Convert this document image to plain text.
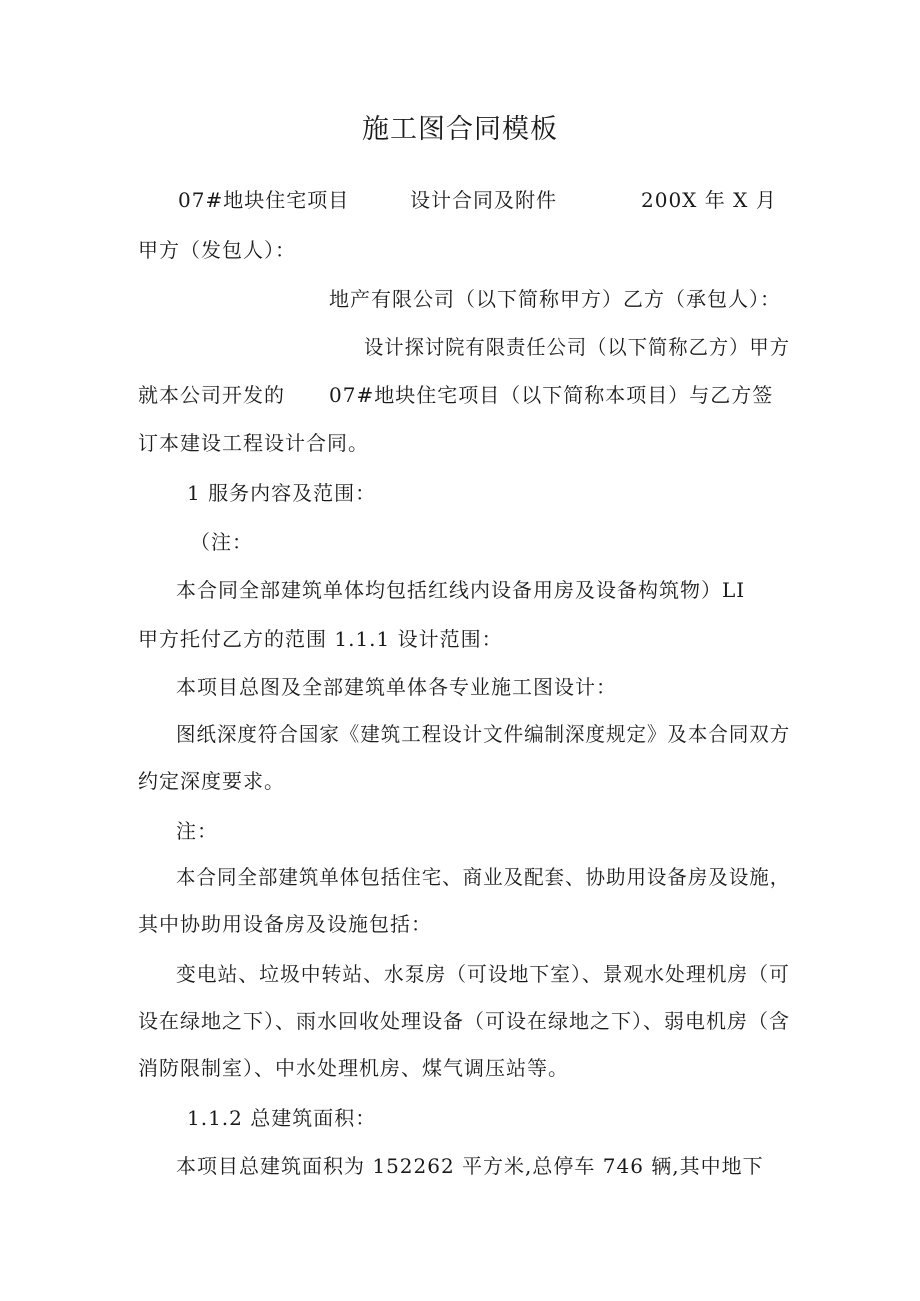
施工图合同模板
07#地块住宅项目	设计合同及附件	200X 年 X 月
甲方（发包人）：
地产有限公司（以下简称甲方）乙方（承包人）：
设计探讨院有限责任公司（以下简称乙方）甲方
就本公司开发的 07#地块住宅项目（以下简称本项目）与乙方签
订本建设工程设计合同。
1 服务内容及范围：
（注：
本合同全部建筑单体均包括红线内设备用房及设备构筑物）LI
甲方托付乙方的范围 1.1.1 设计范围：
本项目总图及全部建筑单体各专业施工图设计：
图纸深度符合国家《建筑工程设计文件编制深度规定》及本合同双方
约定深度要求。
注：
本合同全部建筑单体包括住宅、商业及配套、协助用设备房及设施，
其中协助用设备房及设施包括：
变电站、垃圾中转站、水泵房（可设地下室）、景观水处理机房（可
设在绿地之下）、雨水回收处理设备（可设在绿地之下）、弱电机房（含
消防限制室）、中水处理机房、煤气调压站等。
1.1.2 总建筑面积：
本项目总建筑面积为 152262 平方米,总停车 746 辆,其中地下
